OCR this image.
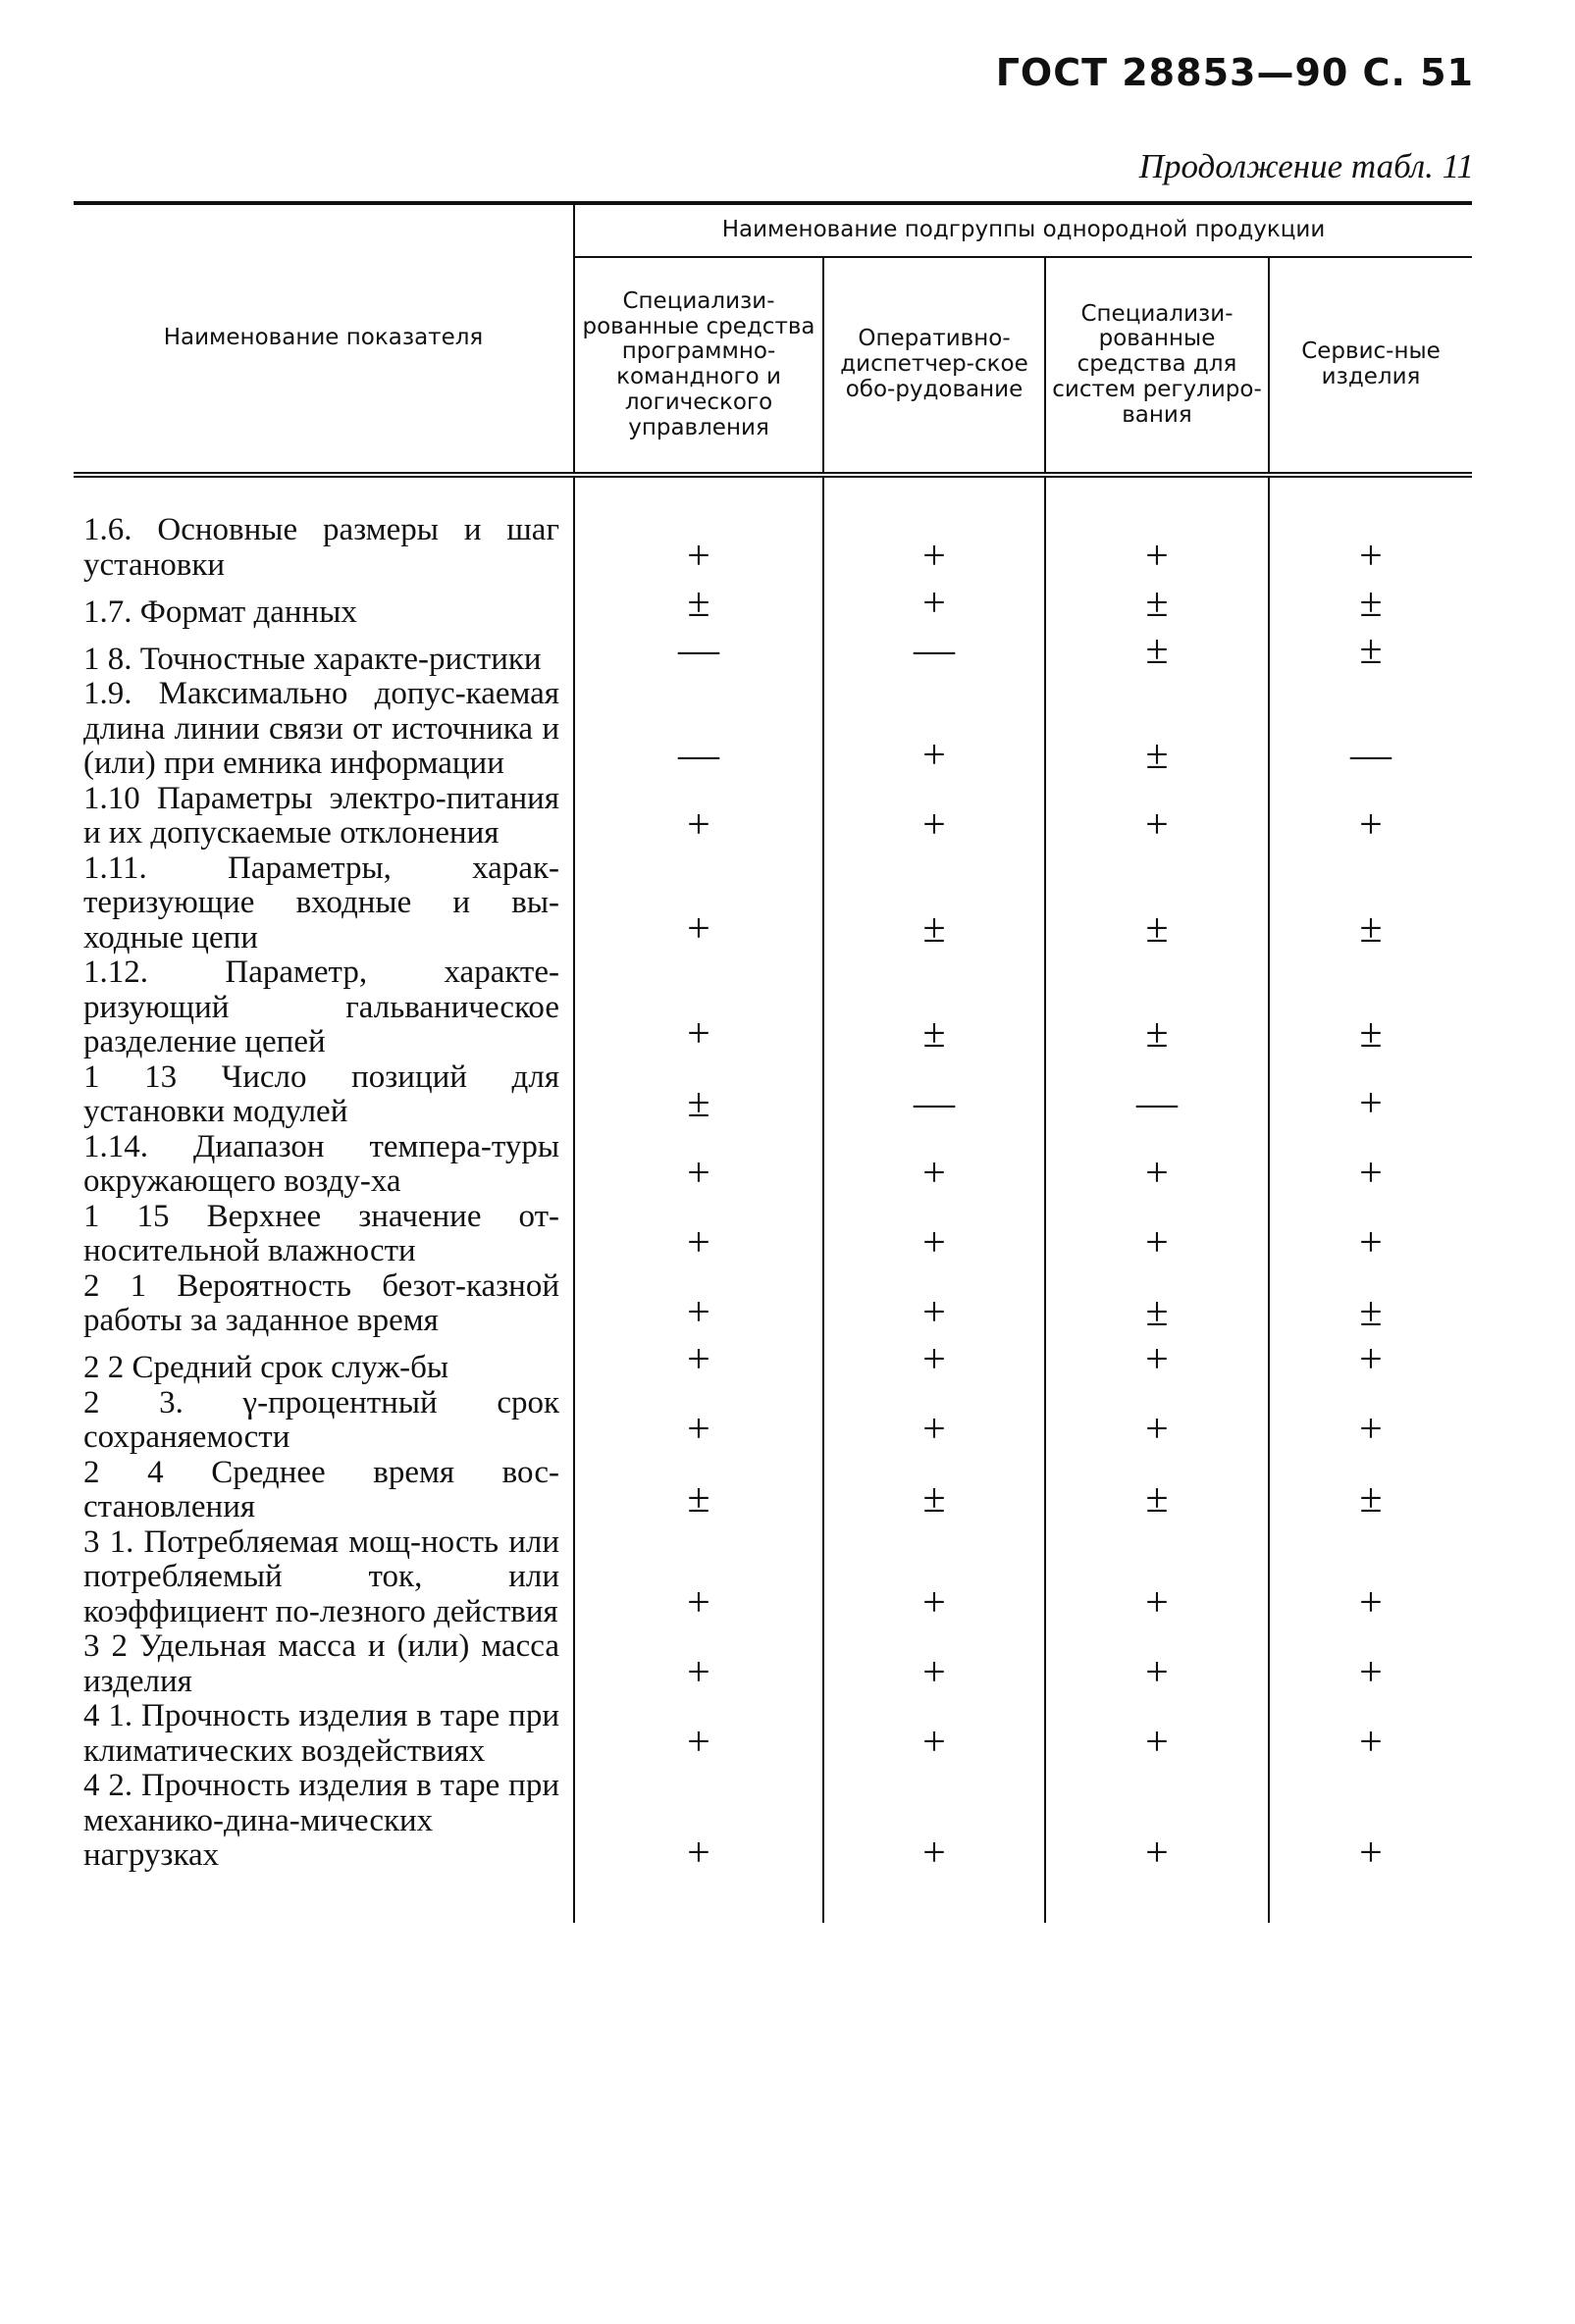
ГОСТ 28853—90 С. 51
Продолжение табл. 11
Наименование показателя	Наименование подгруппы однородной продукции			

	Специализи-рованные средства программно-командного и логического управления	Оперативно-диспетчер-ское обо-рудование	Специализи-рованные средства для систем регулиро-вания	Сервис-ные изделия

1.6. Основные размеры и шаг установки	+	+	+	+

1.7. Формат данных	±	+	±	±

1 8. Точностные характе-ристики	—	—	±	±

1.9. Максимально допус-каемая длина линии связи от источника и (или) при емника информации	—	+	±	—

1.10 Параметры электро-питания и их допускаемые отклонения	+	+	+	+

1.11. Параметры, харак-теризующие входные и вы-ходные цепи	+	±	±	±

1.12. Параметр, характе-ризующий гальваническое разделение цепей	+	±	±	±

1 13 Число позиций для установки модулей	±	—	—	+

1.14. Диапазон темпера-туры окружающего возду-ха	+	+	+	+

1 15 Верхнее значение от-носительной влажности	+	+	+	+

2 1 Вероятность безот-казной работы за заданное время	+	+	±	±

2 2 Средний срок служ-бы	+	+	+	+

2 3. γ-процентный срок сохраняемости	+	+	+	+

2 4 Среднее время вос-становления	±	±	±	±

3 1. Потребляемая мощ-ность или потребляемый ток, или коэффициент по-лезного действия	+	+	+	+

3 2 Удельная масса и (или) масса изделия	+	+	+	+

4 1. Прочность изделия в таре при климатических воздействиях	+	+	+	+

4 2. Прочность изделия в таре при механико-дина-мических нагрузках	+	+	+	+
